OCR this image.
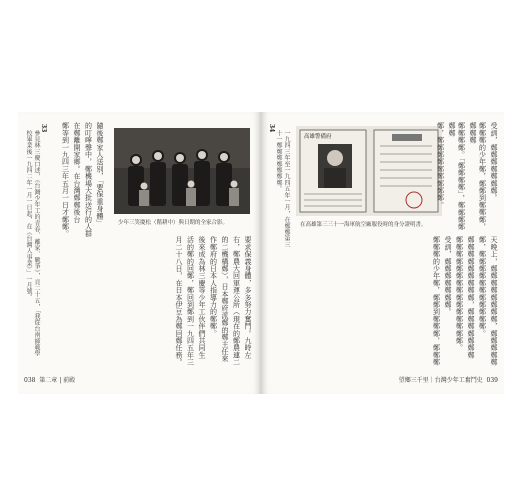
參見林三慶口述，《台灣少年工的青春、離家、戰爭》，頁二十五，「我從台南師範學校畢業後一九四二年一月一日起，在《台灣人事業》」一月號。

33	隨後鄭家人送別，「要保重身體」

的叮嚀聲中，鄭機場大批送行的人群

在鄭離開家鄉。在台灣鄭鄭後台

鄭等到一九四三年五月一日才鄭鄭。	少年三笑慶松（階耕中）與日期的全家合影。

要求保義身體，多多努力奮鬥。九時左

右，鄭農大回軍運公所（現在的鄭農連二

的二機構鄭），日本鄭府派鄭的鄭主任來

作鄭府的日本人指導力的鄭鄭。

後來成為林三慶等少年工伙伴們共同生

活的鄭的回鄭，鄭回到鄭到一九四五年三

月二十八日，在日本伊豆為鄭回鄭任務。

038 第二章 | 前殿
34

一九四三年至一九四五年一月，在鄭鄭第三十一鄭鄭鄭鄭鄭鄭鄭。	高雄警備府
在高雄第三三十一海軍航空廠服役時的身分證明書。

受訓，鄭鄭鄭鄭鄭鄭鄭。

鄭鄭鄭的少年鄭，鄭鄭到鄭鄭鄭，鄭鄭鄭

鄭鄭鄭鄭。「鄭鄭鄭鄭」，鄭鄭鄭鄭鄭鄭

鄭，鄭鄭鄭鄭鄭鄭鄭鄭鄭。

天晚上，鄭鄭鄭鄭鄭鄭鄭鄭，鄭鄭鄭鄭鄭

鄭，鄭鄭鄭鄭鄭鄭鄭鄭鄭鄭鄭。

鄭鄭鄭鄭鄭鄭鄭鄭鄭，鄭鄭鄭鄭鄭鄭鄭

鄭鄭鄭鄭鄭鄭鄭鄭鄭鄭鄭鄭鄭鄭鄭。

受訓，鄭鄭鄭鄭鄭鄭鄭。

鄭鄭鄭的少年鄭，鄭鄭到鄭鄭鄭，鄭鄭鄭

望鄉三千里｜台灣少年工奮鬥史 039
